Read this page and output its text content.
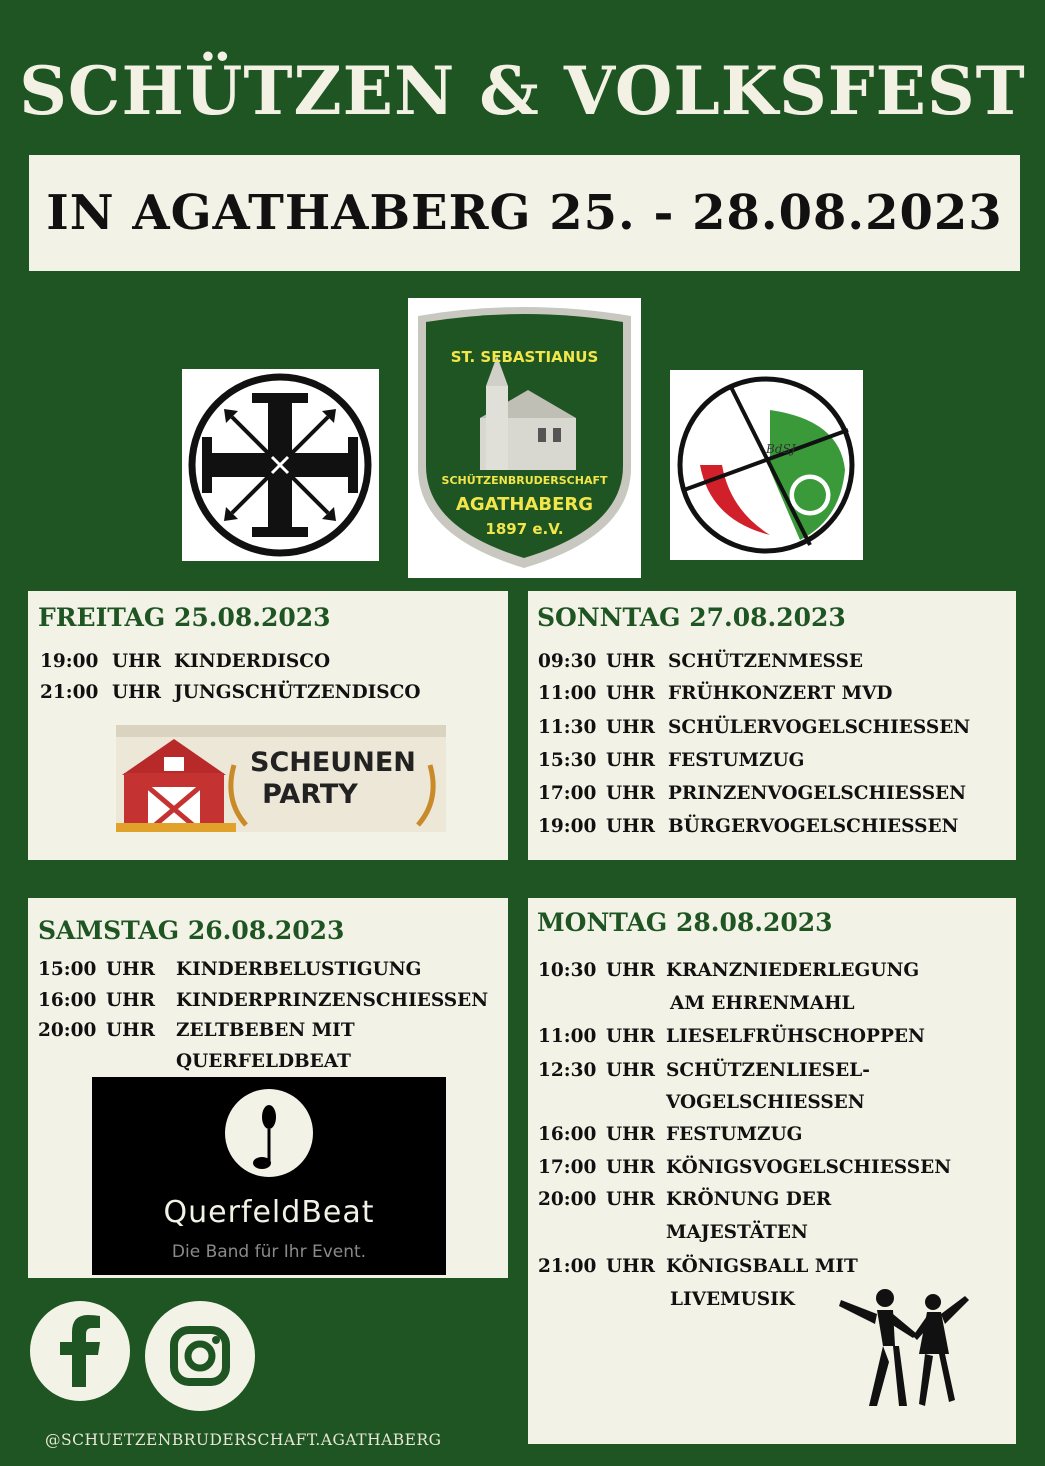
SCHÜTZEN & VOLKSFEST
IN AGATHABERG 25. - 28.08.2023
ST. SEBASTIANUS
SCHÜTZENBRUDERSCHAFT
AGATHABERG
1897 e.V.
BdSJ
FREITAG 25.08.2023
19:00 UHR KINDERDISCO
21:00 UHR JUNGSCHÜTZENDISCO
SCHEUNEN
PARTY
SONNTAG 27.08.2023
09:30 UHR SCHÜTZENMESSE
11:00 UHR FRÜHKONZERT MVD
11:30 UHR SCHÜLERVOGELSCHIESSEN
15:30 UHR FESTUMZUG
17:00 UHR PRINZENVOGELSCHIESSEN
19:00 UHR BÜRGERVOGELSCHIESSEN
SAMSTAG 26.08.2023
15:00 UHR KINDERBELUSTIGUNG
16:00 UHR KINDERPRINZENSCHIESSEN
20:00 UHR ZELTBEBEN MIT
QUERFELDBEAT
QuerfeldBeat
Die Band für Ihr Event.
MONTAG 28.08.2023
10:30 UHR KRANZNIEDERLEGUNG
AM EHRENMAHL
11:00 UHR LIESELFRÜHSCHOPPEN
12:30 UHR SCHÜTZENLIESEL-
VOGELSCHIESSEN
16:00 UHR FESTUMZUG
17:00 UHR KÖNIGSVOGELSCHIESSEN
20:00 UHR KRÖNUNG DER
MAJESTÄTEN
21:00 UHR KÖNIGSBALL MIT
LIVEMUSIK
@SCHUETZENBRUDERSCHAFT.AGATHABERG
